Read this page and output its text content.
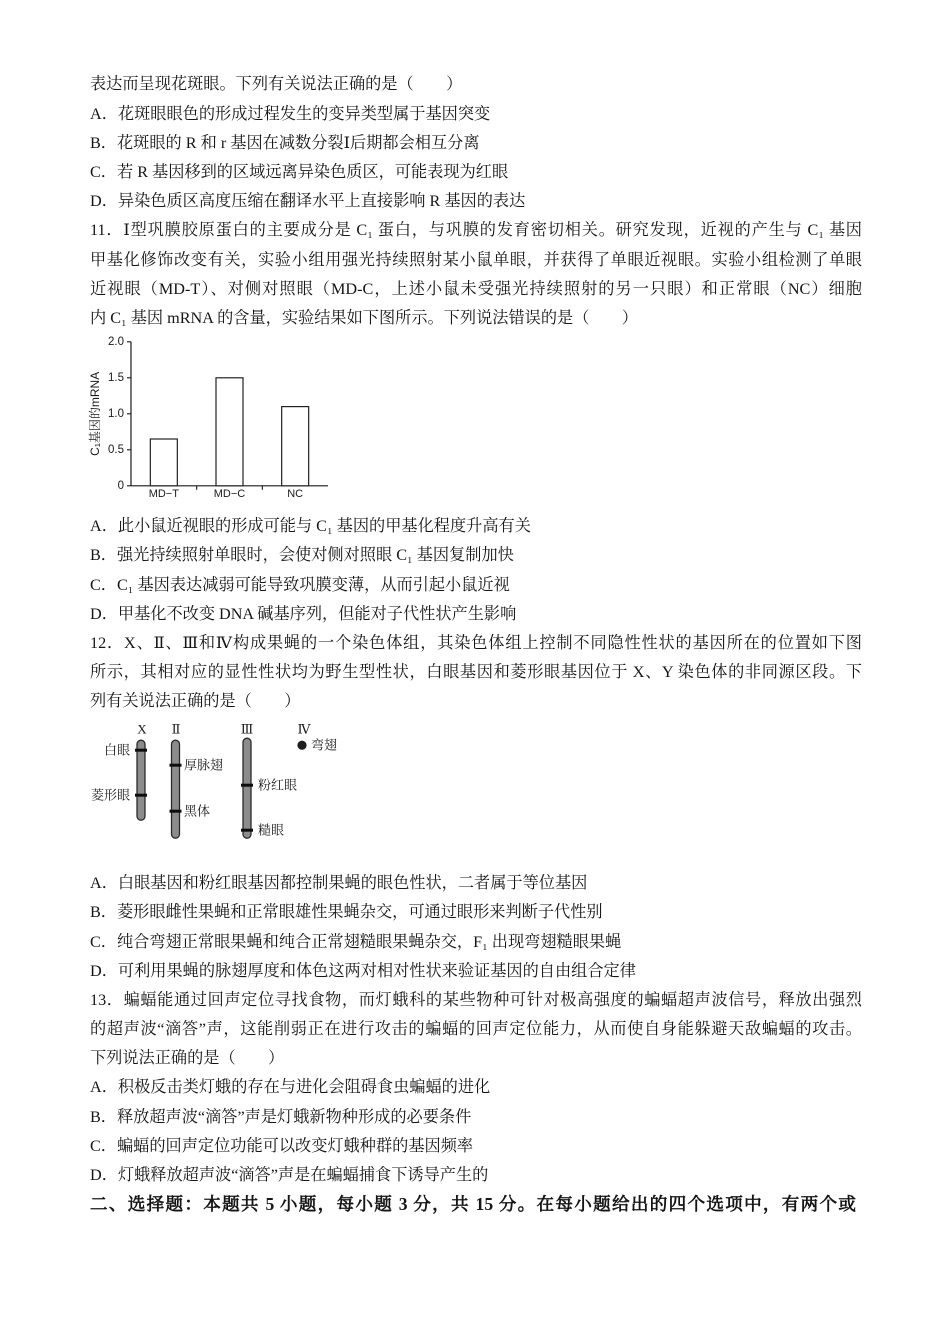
表达而呈现花斑眼。下列有关说法正确的是（　　）
A．花斑眼眼色的形成过程发生的变异类型属于基因突变
B．花斑眼的 R 和 r 基因在减数分裂Ⅰ后期都会相互分离
C．若 R 基因移到的区域远离异染色质区，可能表现为红眼
D．异染色质区高度压缩在翻译水平上直接影响 R 基因的表达
11．Ⅰ型巩膜胶原蛋白的主要成分是 C₁ 蛋白，与巩膜的发育密切相关。研究发现，近视的产生与 C₁ 基因
甲基化修饰改变有关，实验小组用强光持续照射某小鼠单眼，并获得了单眼近视眼。实验小组检测了单眼
近视眼（MD-T）、对侧对照眼（MD-C，上述小鼠未受强光持续照射的另一只眼）和正常眼（NC）细胞
内 C₁ 基因 mRNA 的含量，实验结果如下图所示。下列说法错误的是（　　）
C₁基因的mRNA
0
0.5
1.0
1.5
2.0
MD−T	MD−C	NC
A．此小鼠近视眼的形成可能与 C₁ 基因的甲基化程度升高有关
B．强光持续照射单眼时，会使对侧对照眼 C₁ 基因复制加快
C．C₁ 基因表达减弱可能导致巩膜变薄，从而引起小鼠近视
D．甲基化不改变 DNA 碱基序列，但能对子代性状产生影响
12．X、Ⅱ、Ⅲ和Ⅳ构成果蝇的一个染色体组，其染色体组上控制不同隐性性状的基因所在的位置如下图
所示，其相对应的显性性状均为野生型性状，白眼基因和菱形眼基因位于 X、Y 染色体的非同源区段。下
列有关说法正确的是（　　）
X Ⅱ	Ⅲ	Ⅳ
白眼
菱形眼
厚脉翅
黑体
粉红眼
糙眼
弯翅
A．白眼基因和粉红眼基因都控制果蝇的眼色性状，二者属于等位基因
B．菱形眼雌性果蝇和正常眼雄性果蝇杂交，可通过眼形来判断子代性别
C．纯合弯翅正常眼果蝇和纯合正常翅糙眼果蝇杂交，F₁ 出现弯翅糙眼果蝇
D．可利用果蝇的脉翅厚度和体色这两对相对性状来验证基因的自由组合定律
13．蝙蝠能通过回声定位寻找食物，而灯蛾科的某些物种可针对极高强度的蝙蝠超声波信号，释放出强烈
的超声波“滴答”声，这能削弱正在进行攻击的蝙蝠的回声定位能力，从而使自身能躲避天敌蝙蝠的攻击。
下列说法正确的是（　　）
A．积极反击类灯蛾的存在与进化会阻碍食虫蝙蝠的进化
B．释放超声波“滴答”声是灯蛾新物种形成的必要条件
C．蝙蝠的回声定位功能可以改变灯蛾种群的基因频率
D．灯蛾释放超声波“滴答”声是在蝙蝠捕食下诱导产生的
二、选择题：本题共 5 小题，每小题 3 分，共 15 分。在每小题给出的四个选项中，有两个或
